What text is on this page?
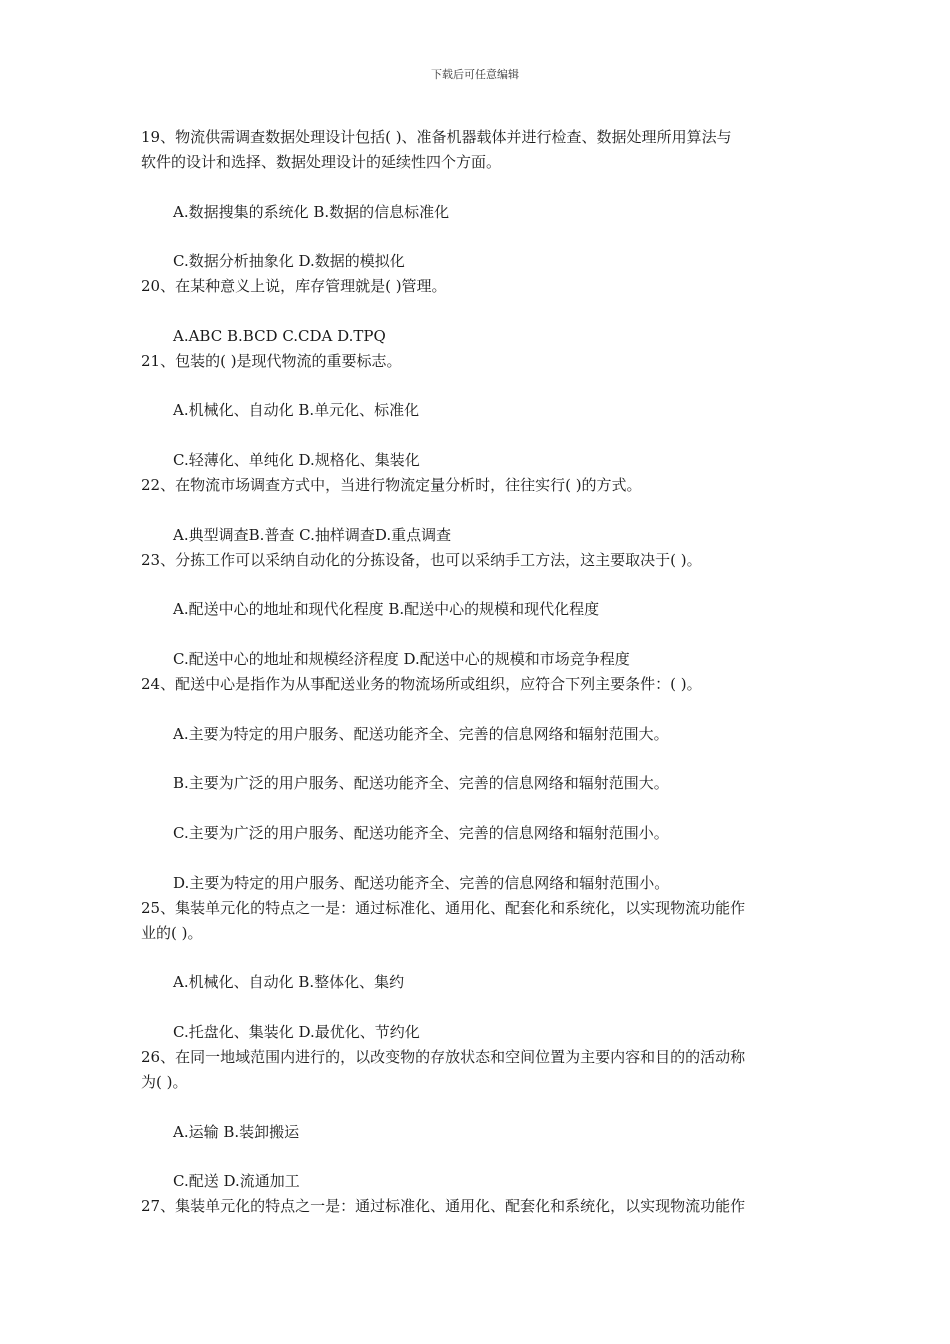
下载后可任意编辑
19、物流供需调查数据处理设计包括( )、准备机器载体并进行检查、数据处理所用算法与
软件的设计和选择、数据处理设计的延续性四个方面。
A.数据搜集的系统化 B.数据的信息标准化
C.数据分析抽象化 D.数据的模拟化
20、在某种意义上说，库存管理就是( )管理。
A.ABC B.BCD C.CDA D.TPQ
21、包装的( )是现代物流的重要标志。
A.机械化、自动化 B.单元化、标准化
C.轻薄化、单纯化 D.规格化、集装化
22、在物流市场调查方式中，当进行物流定量分析时，往往实行( )的方式。
A.典型调查B.普查 C.抽样调查D.重点调查
23、分拣工作可以采纳自动化的分拣设备，也可以采纳手工方法，这主要取决于( )。
A.配送中心的地址和现代化程度 B.配送中心的规模和现代化程度
C.配送中心的地址和规模经济程度 D.配送中心的规模和市场竞争程度
24、配送中心是指作为从事配送业务的物流场所或组织，应符合下列主要条件：( )。
A.主要为特定的用户服务、配送功能齐全、完善的信息网络和辐射范围大。
B.主要为广泛的用户服务、配送功能齐全、完善的信息网络和辐射范围大。
C.主要为广泛的用户服务、配送功能齐全、完善的信息网络和辐射范围小。
D.主要为特定的用户服务、配送功能齐全、完善的信息网络和辐射范围小。
25、集装单元化的特点之一是：通过标准化、通用化、配套化和系统化，以实现物流功能作
业的( )。
A.机械化、自动化 B.整体化、集约
C.托盘化、集装化 D.最优化、节约化
26、在同一地域范围内进行的，以改变物的存放状态和空间位置为主要内容和目的的活动称
为( )。
A.运输 B.装卸搬运
C.配送 D.流通加工
27、集装单元化的特点之一是：通过标准化、通用化、配套化和系统化，以实现物流功能作
